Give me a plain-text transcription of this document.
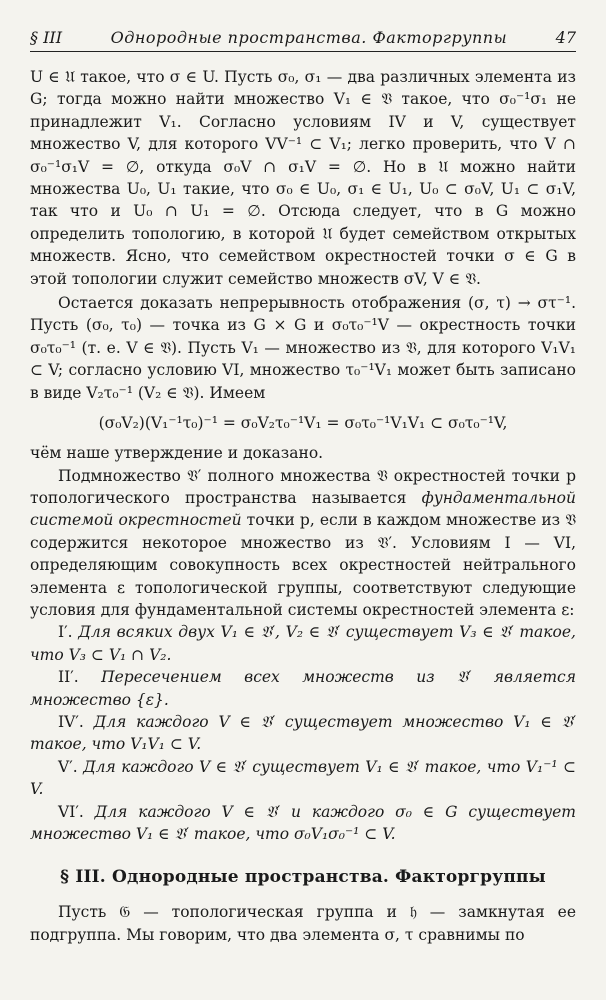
§ III	Однородные пространства. Факторгруппы	47

U ∈ 𝔘 такое, что σ ∈ U. Пусть σ₀, σ₁ — два различных элемента из G; тогда можно найти множество V₁ ∈ 𝔙 такое, что σ₀⁻¹σ₁ не принадлежит V₁. Согласно условиям IV и V, существует множество V, для которого VV⁻¹ ⊂ V₁; легко проверить, что V ∩ σ₀⁻¹σ₁V = ∅, откуда σ₀V ∩ σ₁V = ∅. Но в 𝔘 можно найти множества U₀, U₁ такие, что σ₀ ∈ U₀, σ₁ ∈ U₁, U₀ ⊂ σ₀V, U₁ ⊂ σ₁V, так что и U₀ ∩ U₁ = ∅. Отсюда следует, что в G можно определить топологию, в которой 𝔘 будет семейством открытых множеств. Ясно, что семейством окрестностей точки σ ∈ G в этой топологии служит семейство множеств σV, V ∈ 𝔙.

Остается доказать непрерывность отображения (σ, τ) → στ⁻¹. Пусть (σ₀, τ₀) — точка из G × G и σ₀τ₀⁻¹V — окрестность точки σ₀τ₀⁻¹ (т. е. V ∈ 𝔙). Пусть V₁ — множество из 𝔙, для которого V₁V₁ ⊂ V; согласно условию VI, множество τ₀⁻¹V₁ может быть записано в виде V₂τ₀⁻¹ (V₂ ∈ 𝔙). Имеем

(σ₀V₂)(V₁⁻¹τ₀)⁻¹ = σ₀V₂τ₀⁻¹V₁ = σ₀τ₀⁻¹V₁V₁ ⊂ σ₀τ₀⁻¹V,

чём наше утверждение и доказано.

Подмножество 𝔙′ полного множества 𝔙 окрестностей точки p топологического пространства называется фундаментальной системой окрестностей точки p, если в каждом множестве из 𝔙 содержится некоторое множество из 𝔙′. Условиям I — VI, определяющим совокупность всех окрестностей нейтрального элемента ε топологической группы, соответствуют следующие условия для фундаментальной системы окрестностей элемента ε:

I′. Для всяких двух V₁ ∈ 𝔙′, V₂ ∈ 𝔙′ существует V₃ ∈ 𝔙′ такое, что V₃ ⊂ V₁ ∩ V₂.

II′. Пересечением всех множеств из 𝔙′ является множество {ε}.

IV′. Для каждого V ∈ 𝔙′ существует множество V₁ ∈ 𝔙′ такое, что V₁V₁ ⊂ V.

V′. Для каждого V ∈ 𝔙′ существует V₁ ∈ 𝔙′ такое, что V₁⁻¹ ⊂ V.

VI′. Для каждого V ∈ 𝔙′ и каждого σ₀ ∈ G существует множество V₁ ∈ 𝔙′ такое, что σ₀V₁σ₀⁻¹ ⊂ V.

§ III. Однородные пространства. Факторгруппы

Пусть 𝔊 — топологическая группа и 𝔥 — замкнутая ее подгруппа. Мы говорим, что два элемента σ, τ сравнимы по
